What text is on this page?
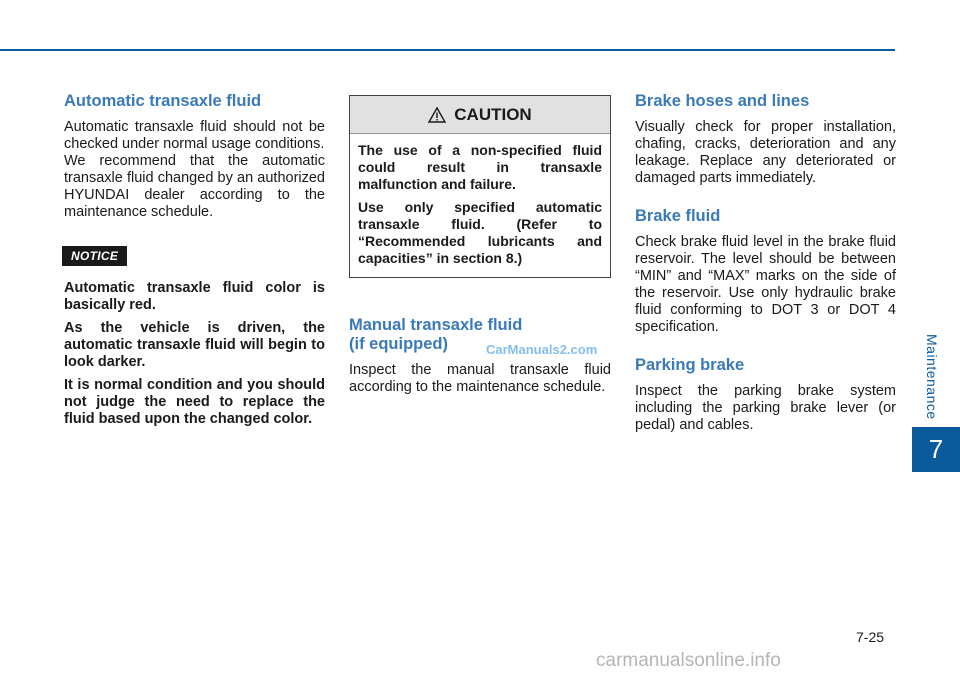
Automatic transaxle fluid

Automatic transaxle fluid should not be checked under normal usage conditions.

We recommend that the automatic transaxle fluid changed by an authorized HYUNDAI dealer according to the maintenance schedule.

NOTICE

Automatic transaxle fluid color is basically red.

As the vehicle is driven, the automatic transaxle fluid will begin to look darker.

It is normal condition and you should not judge the need to replace the fluid based upon the changed color.

CAUTION

The use of a non-specified fluid could result in transaxle malfunction and failure.

Use only specified automatic transaxle fluid. (Refer to “Recommended lubricants and capacities” in section 8.)

Manual transaxle fluid
(if equipped)

Inspect the manual transaxle fluid according to the maintenance schedule.

Brake hoses and lines

Visually check for proper installation, chafing, cracks, deterioration and any leakage. Replace any deteriorated or damaged parts immediately.

Brake fluid

Check brake fluid level in the brake fluid reservoir. The level should be between “MIN” and “MAX” marks on the side of the reservoir. Use only hydraulic brake fluid conforming to DOT 3 or DOT 4 specification.

Parking brake

Inspect the parking brake system including the parking brake lever (or pedal) and cables.

Maintenance
7
7-25
CarManuals2.com
carmanualsonline.info
